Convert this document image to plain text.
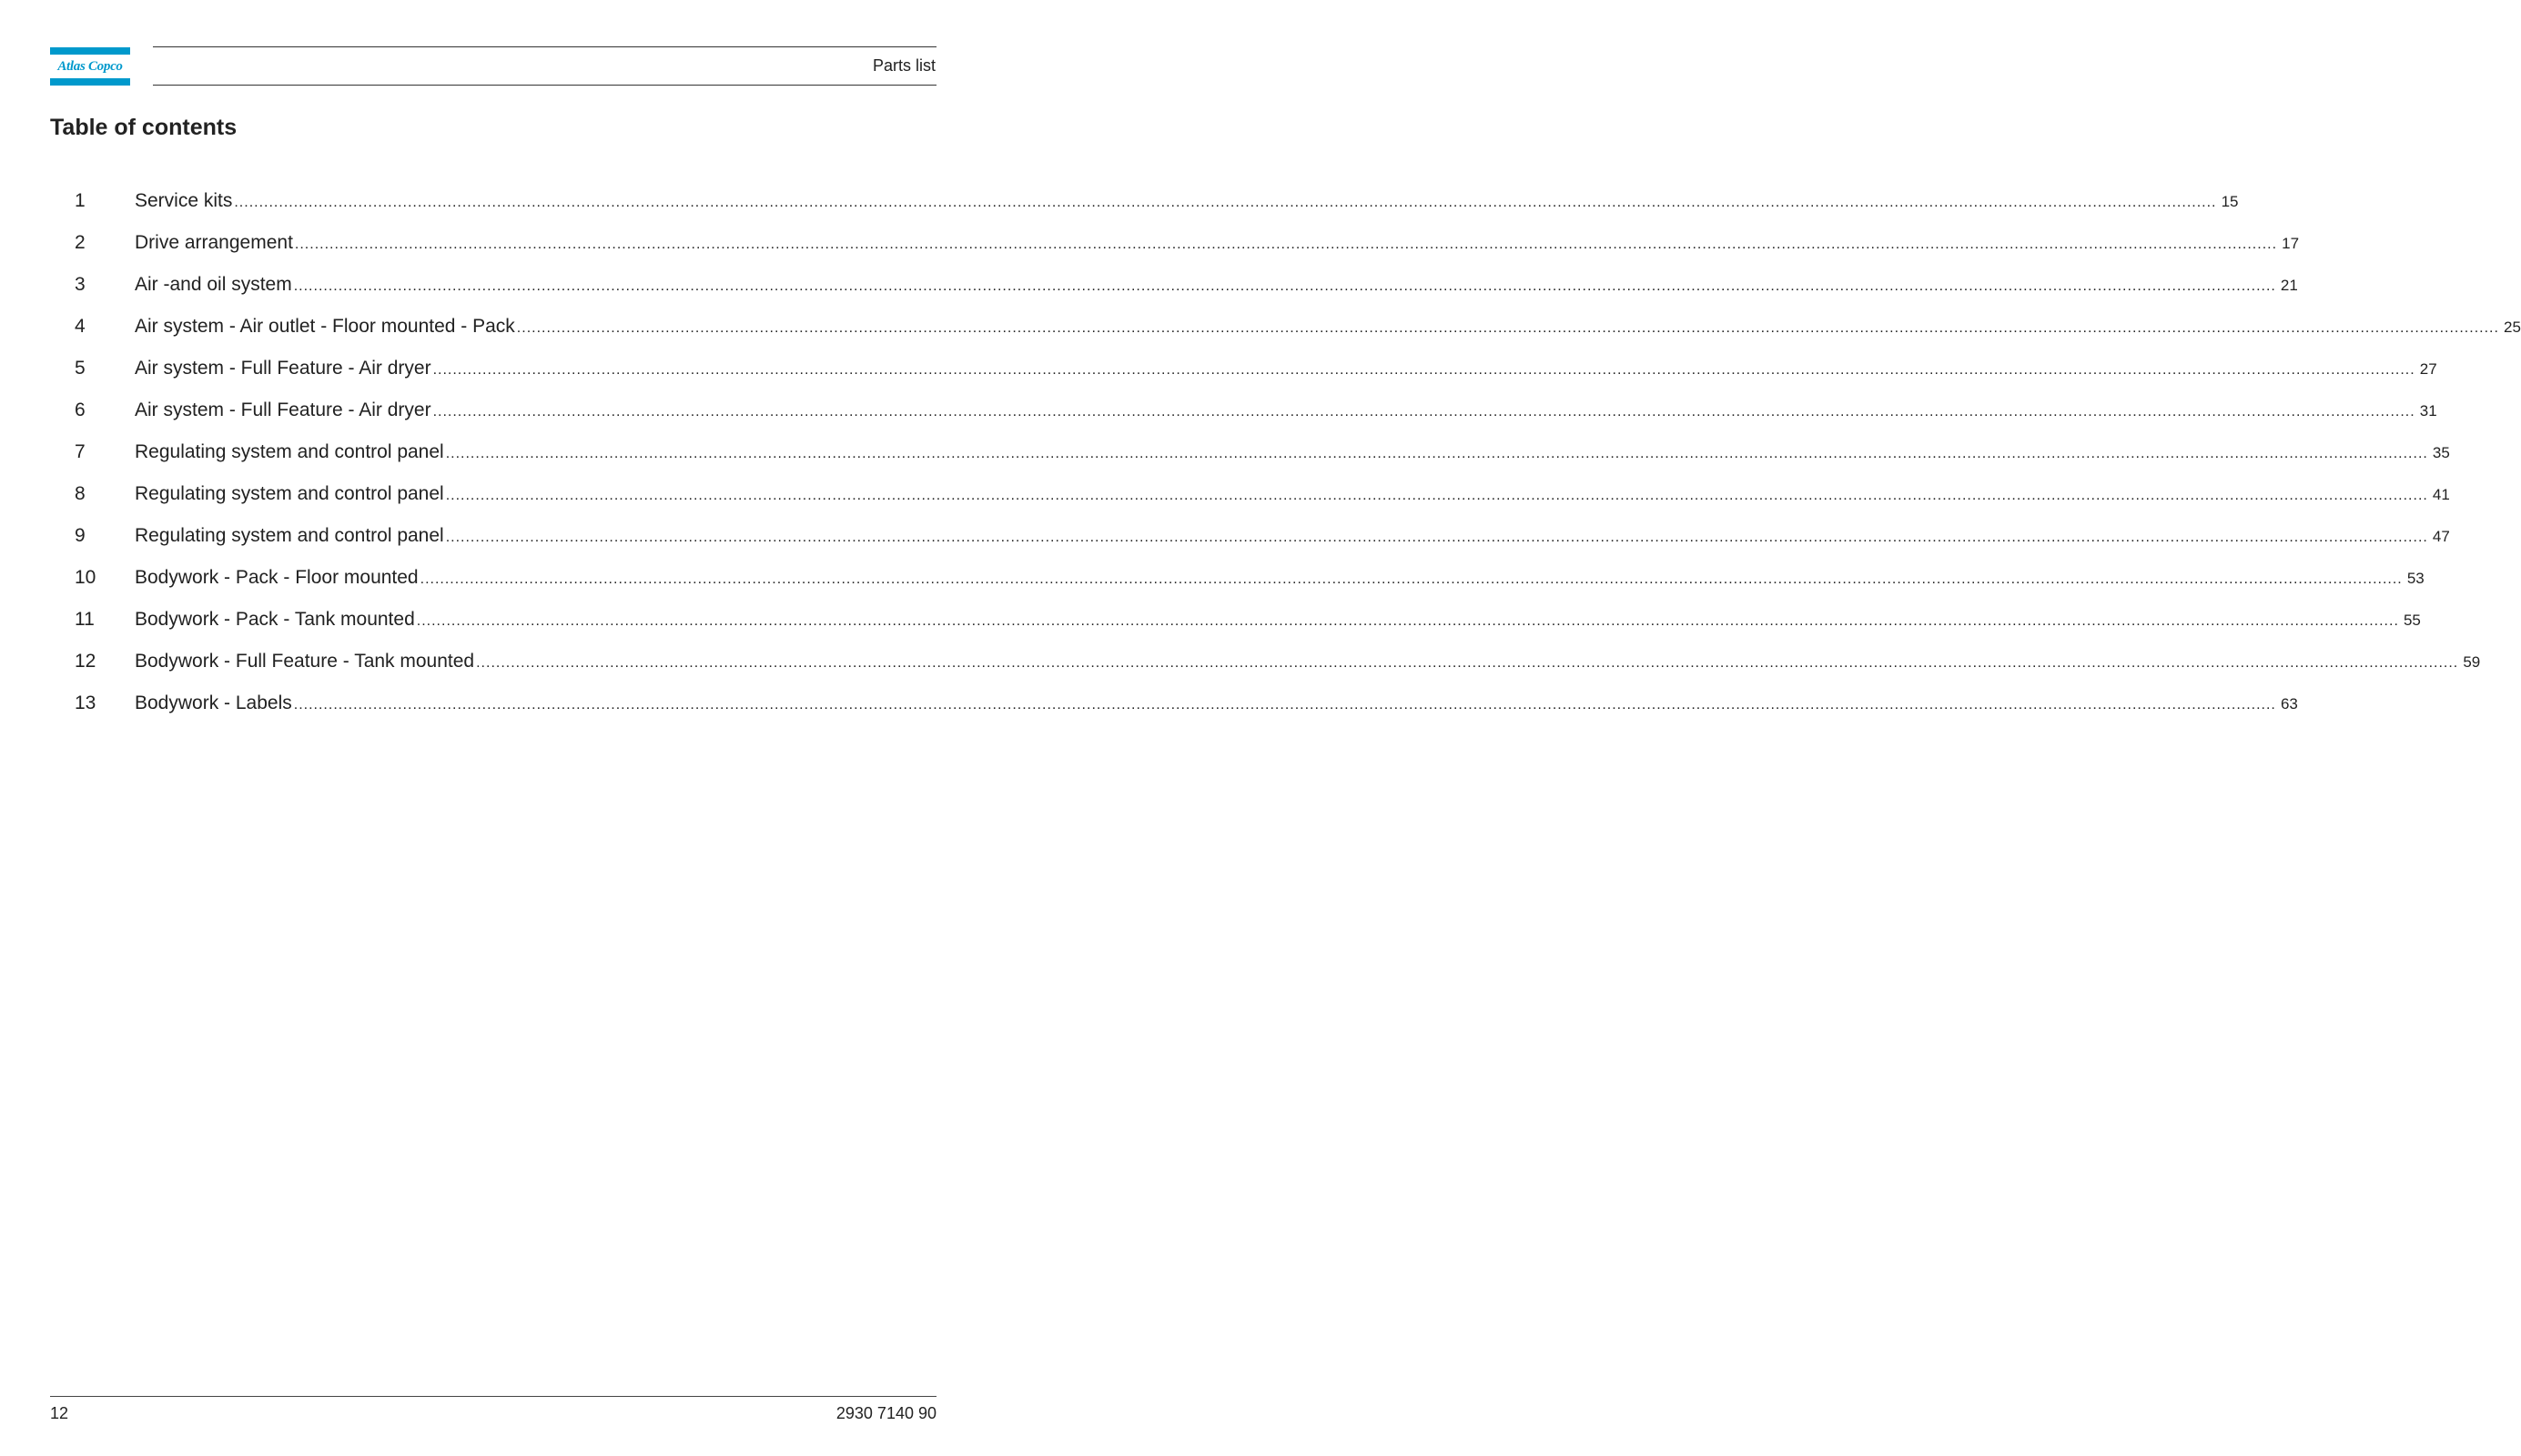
Atlas Copco	Parts list
Table of contents
1	Service kits ................................................................................................................................................................................................................................................................................................................................................................................................................ 15
2	Drive arrangement ................................................................................................................................................................................................................................................................................................................................................................................................................ 17
3	Air -and oil system ................................................................................................................................................................................................................................................................................................................................................................................................................ 21
4	Air system - Air outlet - Floor mounted - Pack ................................................................................................................................................................................................................................................................................................................................................................................................................ 25
5	Air system - Full Feature - Air dryer ................................................................................................................................................................................................................................................................................................................................................................................................................ 27
6	Air system - Full Feature - Air dryer ................................................................................................................................................................................................................................................................................................................................................................................................................ 31
7	Regulating system and control panel ................................................................................................................................................................................................................................................................................................................................................................................................................ 35
8	Regulating system and control panel ................................................................................................................................................................................................................................................................................................................................................................................................................ 41
9	Regulating system and control panel ................................................................................................................................................................................................................................................................................................................................................................................................................ 47
10	Bodywork - Pack - Floor mounted ................................................................................................................................................................................................................................................................................................................................................................................................................ 53
11	Bodywork - Pack - Tank mounted ................................................................................................................................................................................................................................................................................................................................................................................................................ 55
12	Bodywork - Full Feature - Tank mounted ................................................................................................................................................................................................................................................................................................................................................................................................................ 59
13	Bodywork - Labels ................................................................................................................................................................................................................................................................................................................................................................................................................ 63
12	2930 7140 90
